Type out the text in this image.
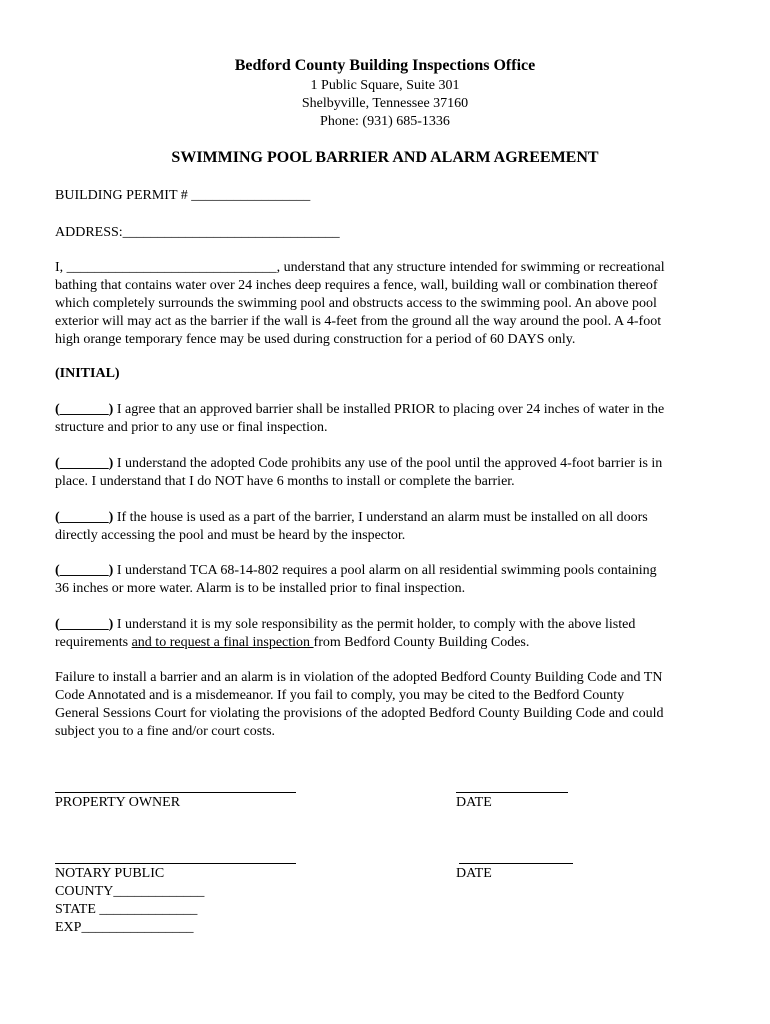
Bedford County Building Inspections Office
1 Public Square, Suite 301
Shelbyville, Tennessee 37160
Phone: (931) 685-1336
SWIMMING POOL BARRIER AND ALARM AGREEMENT
BUILDING PERMIT # _________________
ADDRESS:_______________________________

I, ______________________________, understand that any structure intended for swimming or recreational

bathing that contains water over 24 inches deep requires a fence, wall, building wall or combination thereof

which completely surrounds the swimming pool and obstructs access to the swimming pool. An above pool

exterior will may act as the barrier if the wall is 4-feet from the ground all the way around the pool. A 4-foot

high orange temporary fence may be used during construction for a period of 60 DAYS only.

(INITIAL)

(_______) I agree that an approved barrier shall be installed PRIOR to placing over 24 inches of water in the

structure and prior to any use or final inspection.

(_______) I understand the adopted Code prohibits any use of the pool until the approved 4-foot barrier is in

place. I understand that I do NOT have 6 months to install or complete the barrier.

(_______) If the house is used as a part of the barrier, I understand an alarm must be installed on all doors

directly accessing the pool and must be heard by the inspector.

(_______) I understand TCA 68-14-802 requires a pool alarm on all residential swimming pools containing

36 inches or more water. Alarm is to be installed prior to final inspection.

(_______) I understand it is my sole responsibility as the permit holder, to comply with the above listed

requirements and to request a final inspection from Bedford County Building Codes.

Failure to install a barrier and an alarm is in violation of the adopted Bedford County Building Code and TN

Code Annotated and is a misdemeanor. If you fail to comply, you may be cited to the Bedford County

General Sessions Court for violating the provisions of the adopted Bedford County Building Code and could

subject you to a fine and/or court costs.

PROPERTY OWNER	DATE
NOTARY PUBLIC	DATE
COUNTY_____________
STATE ______________
EXP________________
